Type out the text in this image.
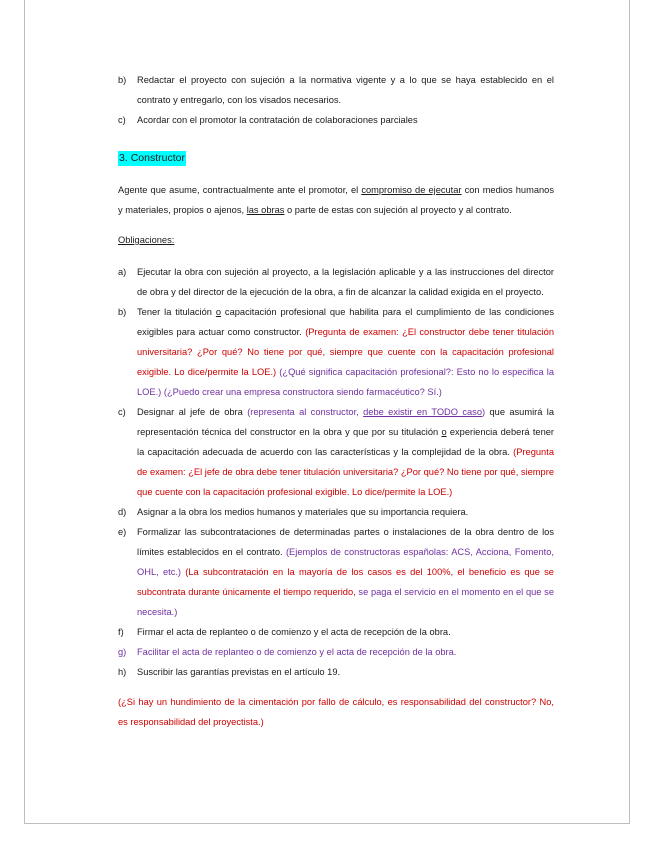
b) Redactar el proyecto con sujeción a la normativa vigente y a lo que se haya establecido en el contrato y entregarlo, con los visados necesarios.

c) Acordar con el promotor la contratación de colaboraciones parciales

3. Constructor

Agente que asume, contractualmente ante el promotor, el compromiso de ejecutar con medios humanos y materiales, propios o ajenos, las obras o parte de estas con sujeción al proyecto y al contrato.

Obligaciones:

a) Ejecutar la obra con sujeción al proyecto, a la legislación aplicable y a las instrucciones del director de obra y del director de la ejecución de la obra, a fin de alcanzar la calidad exigida en el proyecto.

b) Tener la titulación o capacitación profesional que habilita para el cumplimiento de las condiciones exigibles para actuar como constructor. (Pregunta de examen: ¿El constructor debe tener titulación universitaria? ¿Por qué? No tiene por qué, siempre que cuente con la capacitación profesional exigible. Lo dice/permite la LOE.) (¿Qué significa capacitación profesional?: Esto no lo especifica la LOE.) (¿Puedo crear una empresa constructora siendo farmacéutico? Sí.)

c) Designar al jefe de obra (representa al constructor, debe existir en TODO caso) que asumirá la representación técnica del constructor en la obra y que por su titulación o experiencia deberá tener la capacitación adecuada de acuerdo con las características y la complejidad de la obra. (Pregunta de examen: ¿El jefe de obra debe tener titulación universitaria? ¿Por qué? No tiene por qué, siempre que cuente con la capacitación profesional exigible. Lo dice/permite la LOE.)

d) Asignar a la obra los medios humanos y materiales que su importancia requiera.

e) Formalizar las subcontrataciones de determinadas partes o instalaciones de la obra dentro de los límites establecidos en el contrato. (Ejemplos de constructoras españolas: ACS, Acciona, Fomento, OHL, etc.) (La subcontratación en la mayoría de los casos es del 100%, el beneficio es que se subcontrata durante únicamente el tiempo requerido, se paga el servicio en el momento en el que se necesita.)

f) Firmar el acta de replanteo o de comienzo y el acta de recepción de la obra.

g) Facilitar el acta de replanteo o de comienzo y el acta de recepción de la obra.

h) Suscribir las garantías previstas en el artículo 19.

(¿Si hay un hundimiento de la cimentación por fallo de cálculo, es responsabilidad del constructor? No, es responsabilidad del proyectista.)
